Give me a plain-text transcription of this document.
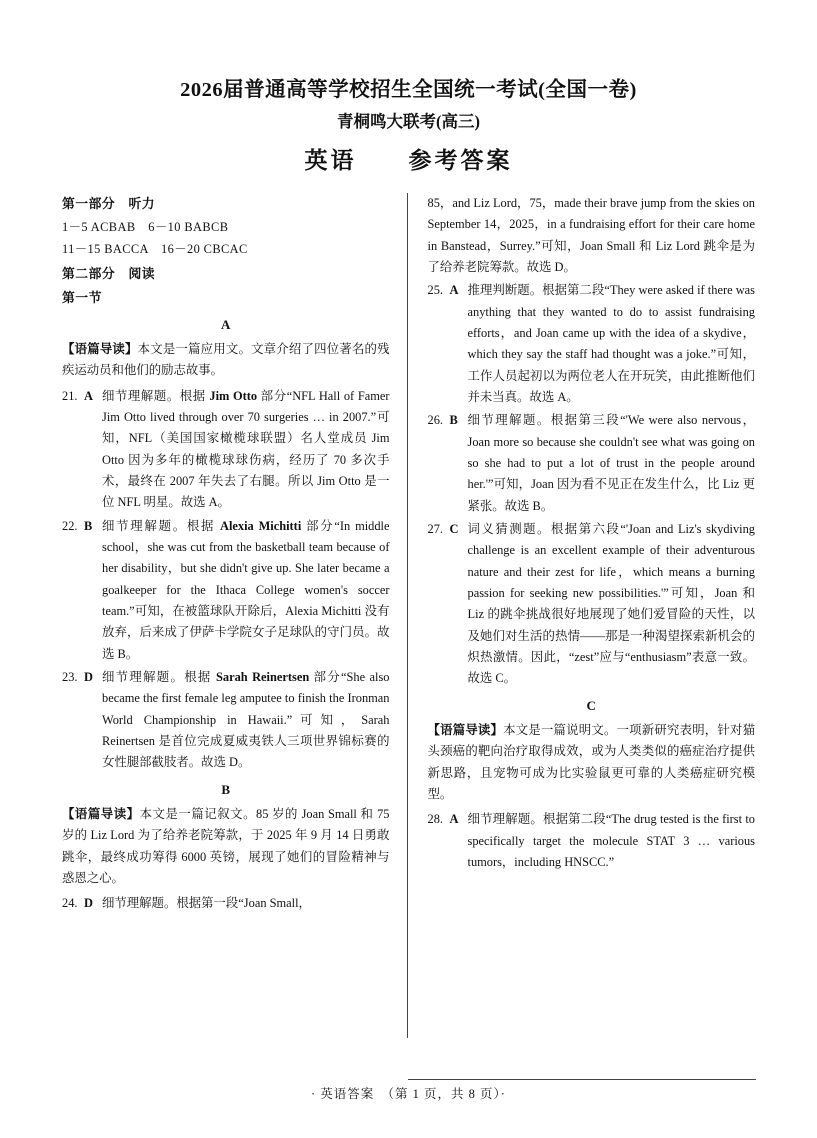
2026届普通高等学校招生全国统一考试(全国一卷)
青桐鸣大联考(高三)
英语　　参考答案
第一部分　听力
1－5 ACBAB　6－10 BABCB
11－15 BACCA　16－20 CBCAC
第二部分　阅读
第一节
A
【语篇导读】本文是一篇应用文。文章介绍了四位著名的残疾运动员和他们的励志故事。
21. A 细节理解题。根据 Jim Otto 部分“NFL Hall of Famer Jim Otto lived through over 70 surgeries … in 2007.”可知，NFL（美国国家橄榄球联盟）名人堂成员 Jim Otto 因为多年的橄榄球球伤病，经历了 70 多次手术，最终在 2007 年失去了右腿。所以 Jim Otto 是一位 NFL 明星。故选 A。
22. B 细节理解题。根据 Alexia Michitti 部分“In middle school，she was cut from the basketball team because of her disability，but she didn't give up. She later became a goalkeeper for the Ithaca College women's soccer team.”可知，在被篮球队开除后，Alexia Michitti 没有放弃，后来成了伊萨卡学院女子足球队的守门员。故选 B。
23. D 细节理解题。根据 Sarah Reinertsen 部分“She also became the first female leg amputee to finish the Ironman World Championship in Hawaii.”可知，Sarah Reinertsen 是首位完成夏威夷铁人三项世界锦标赛的女性腿部截肢者。故选 D。
B
【语篇导读】本文是一篇记叙文。85 岁的 Joan Small 和 75 岁的 Liz Lord 为了给养老院筹款，于 2025 年 9 月 14 日勇敢跳伞，最终成功筹得 6000 英镑，展现了她们的冒险精神与惑恩之心。
24. D 细节理解题。根据第一段“Joan Small，
85，and Liz Lord，75，made their brave jump from the skies on September 14，2025，in a fundraising effort for their care home in Banstead，Surrey.”可知，Joan Small 和 Liz Lord 跳伞是为了给养老院筹款。故选 D。
25. A 推理判断题。根据第二段“They were asked if there was anything that they wanted to do to assist fundraising efforts，and Joan came up with the idea of a skydive，which they say the staff had thought was a joke.”可知，工作人员起初以为两位老人在开玩笑，由此推断他们并未当真。故选 A。
26. B 细节理解题。根据第三段“'We were also nervous，Joan more so because she couldn't see what was going on so she had to put a lot of trust in the people around her.'”可知，Joan 因为看不见正在发生什么，比 Liz 更紧张。故选 B。
27. C 词义猜测题。根据第六段“'Joan and Liz's skydiving challenge is an excellent example of their adventurous nature and their zest for life，which means a burning passion for seeking new possibilities.'”可知，Joan 和 Liz 的跳伞挑战很好地展现了她们爱冒险的天性，以及她们对生活的热情——那是一种渴望探索新机会的炽热激情。因此，“zest”应与“enthusiasm”表意一致。故选 C。
C
【语篇导读】本文是一篇说明文。一项新研究表明，针对猫头颈癌的靶向治疗取得成效，或为人类类似的癌症治疗提供新思路，且宠物可成为比实验鼠更可靠的人类癌症研究模型。
28. A 细节理解题。根据第二段“The drug tested is the first to specifically target the molecule STAT 3 … various tumors，including HNSCC.”
· 英语答案　（第 1 页，共 8 页）·
